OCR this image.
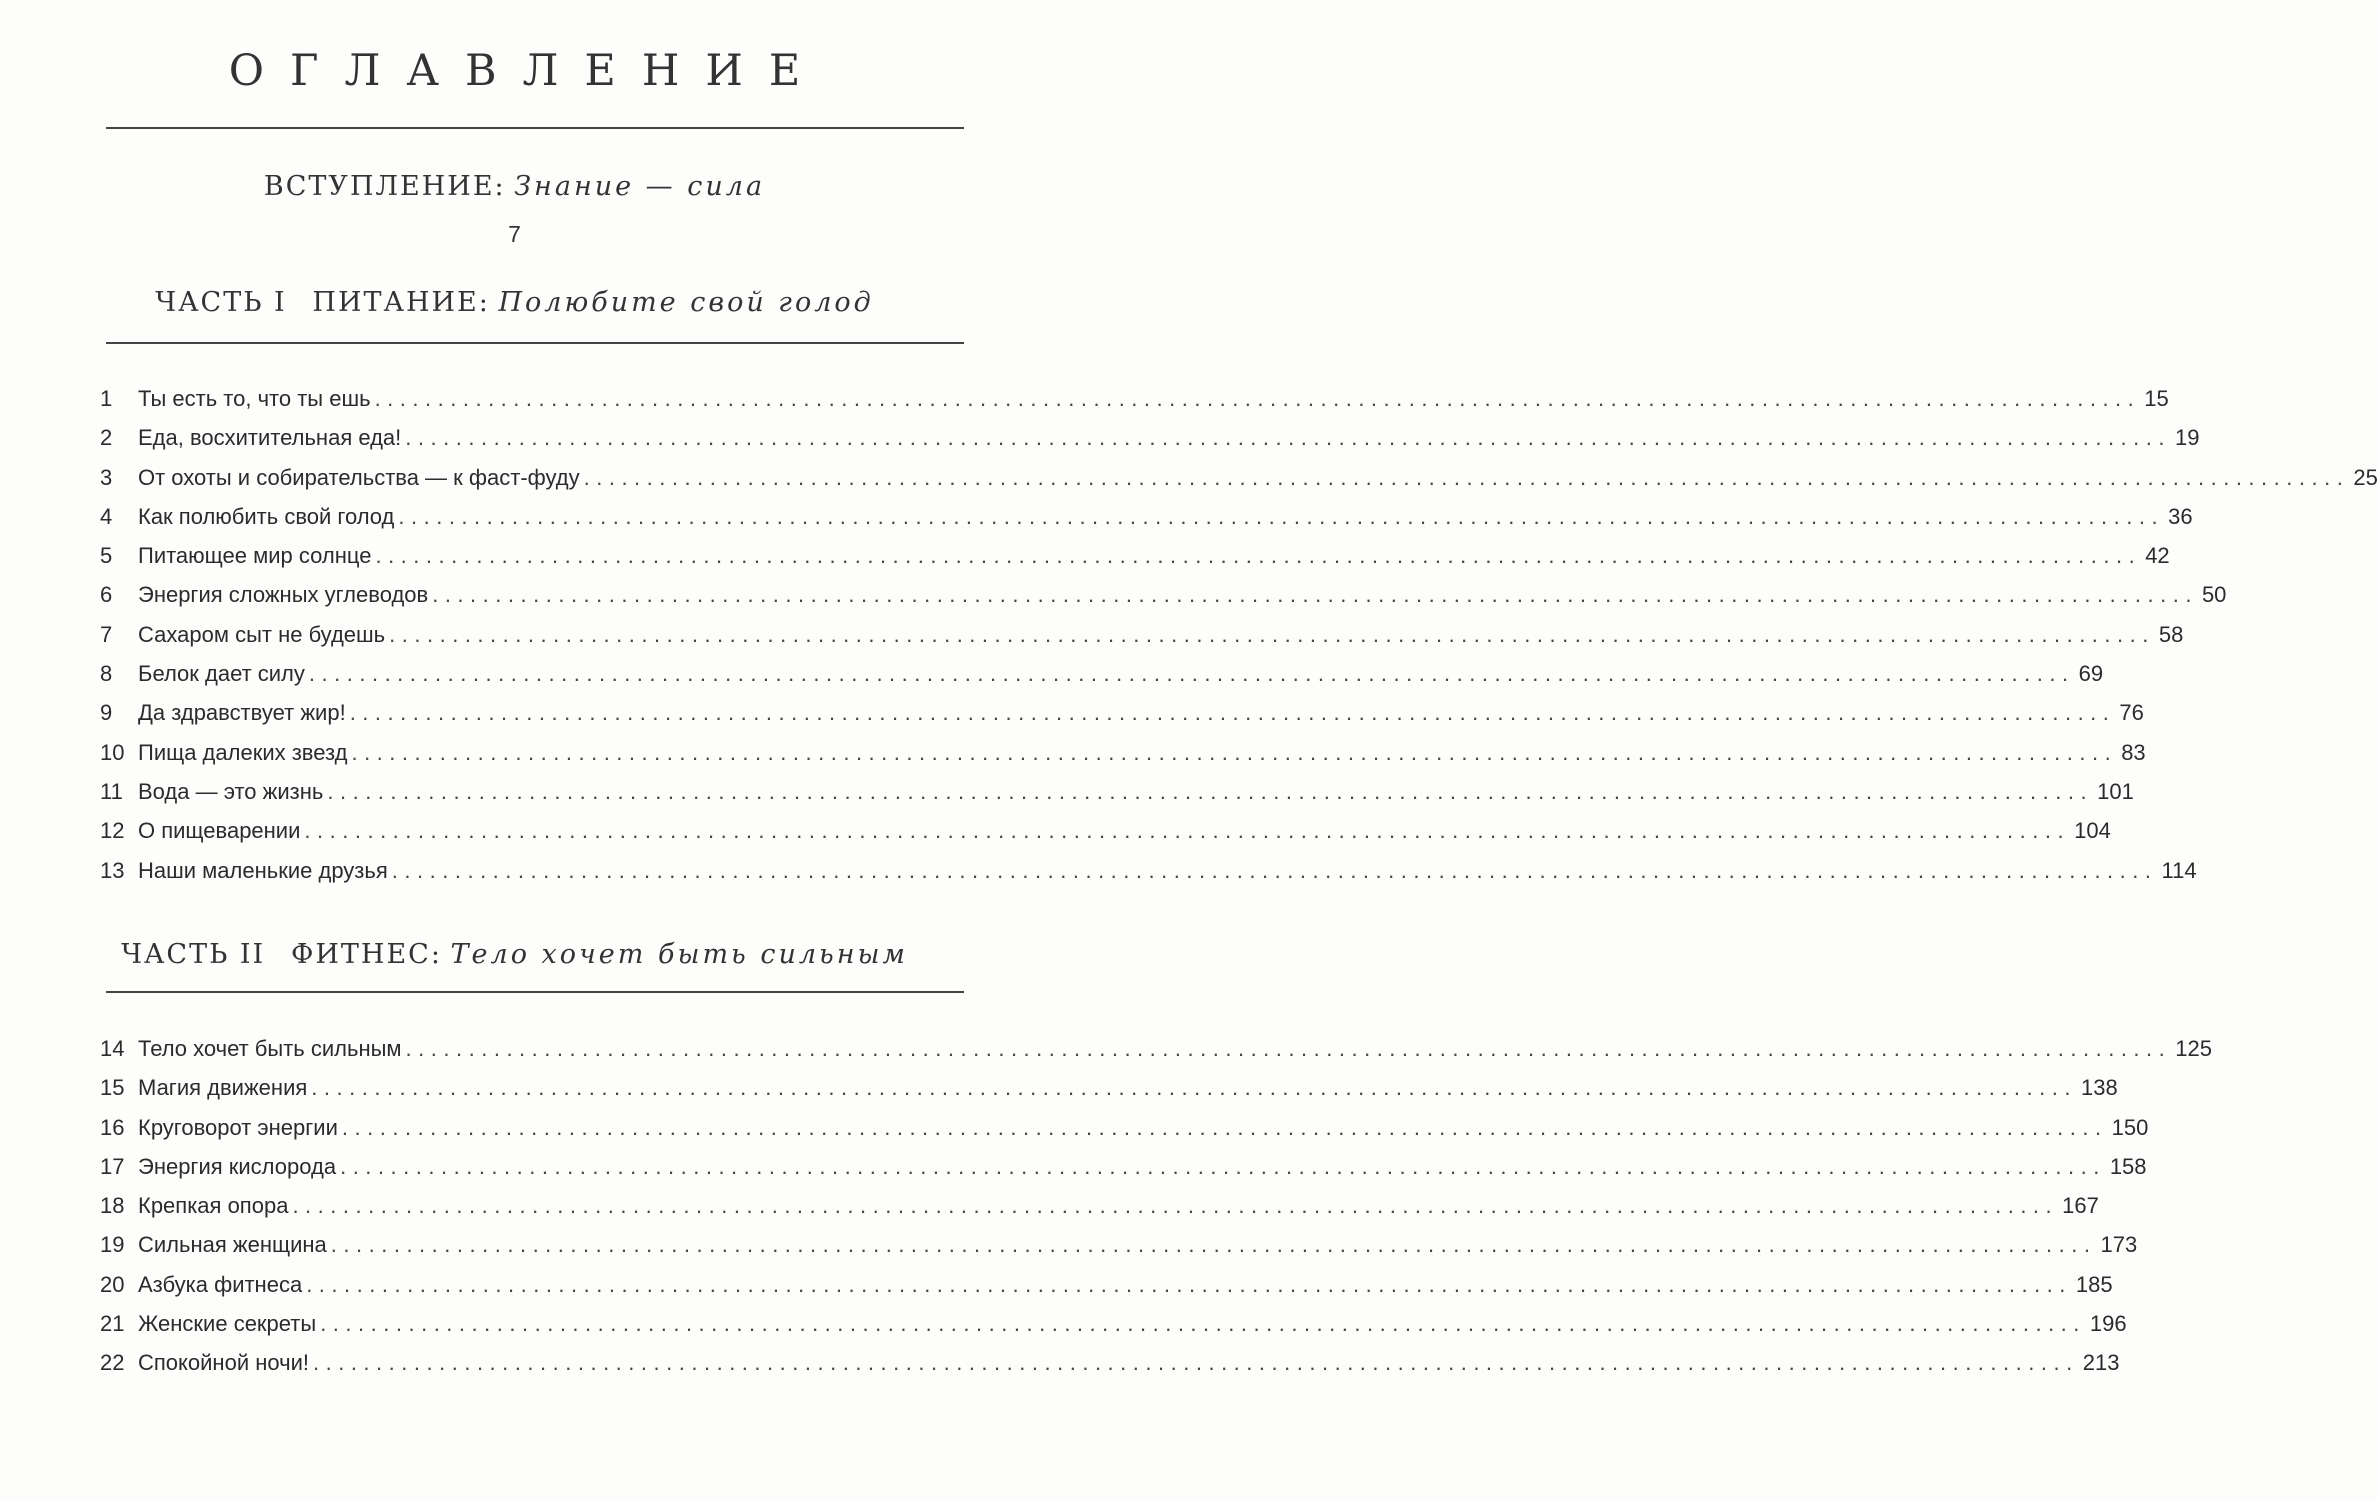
ОГЛАВЛЕНИЕ
ВСТУПЛЕНИЕ: Знание — сила
7
ЧАСТЬ I ПИТАНИЕ: Полюбите свой голод
1	Ты есть то, что ты ешь ............................................................................................................................................ 15
2	Еда, восхитительная еда! ............................................................................................................................................ 19
3	От охоты и собирательства — к фаст-фуду ............................................................................................................................................ 25
4	Как полюбить свой голод ............................................................................................................................................ 36
5	Питающее мир солнце ............................................................................................................................................ 42
6	Энергия сложных углеводов ............................................................................................................................................ 50
7	Сахаром сыт не будешь ............................................................................................................................................ 58
8	Белок дает силу ............................................................................................................................................ 69
9	Да здравствует жир! ............................................................................................................................................ 76
10 Пища далеких звезд ............................................................................................................................................ 83
11 Вода — это жизнь ............................................................................................................................................ 101
12 О пищеварении ............................................................................................................................................ 104
13 Наши маленькие друзья ............................................................................................................................................ 114
ЧАСТЬ II ФИТНЕС: Тело хочет быть сильным
14 Тело хочет быть сильным ............................................................................................................................................ 125
15 Магия движения ............................................................................................................................................ 138
16 Круговорот энергии ............................................................................................................................................ 150
17 Энергия кислорода ............................................................................................................................................ 158
18 Крепкая опора ............................................................................................................................................ 167
19 Сильная женщина ............................................................................................................................................ 173
20 Азбука фитнеса ............................................................................................................................................ 185
21 Женские секреты ............................................................................................................................................ 196
22 Спокойной ночи! ............................................................................................................................................ 213
